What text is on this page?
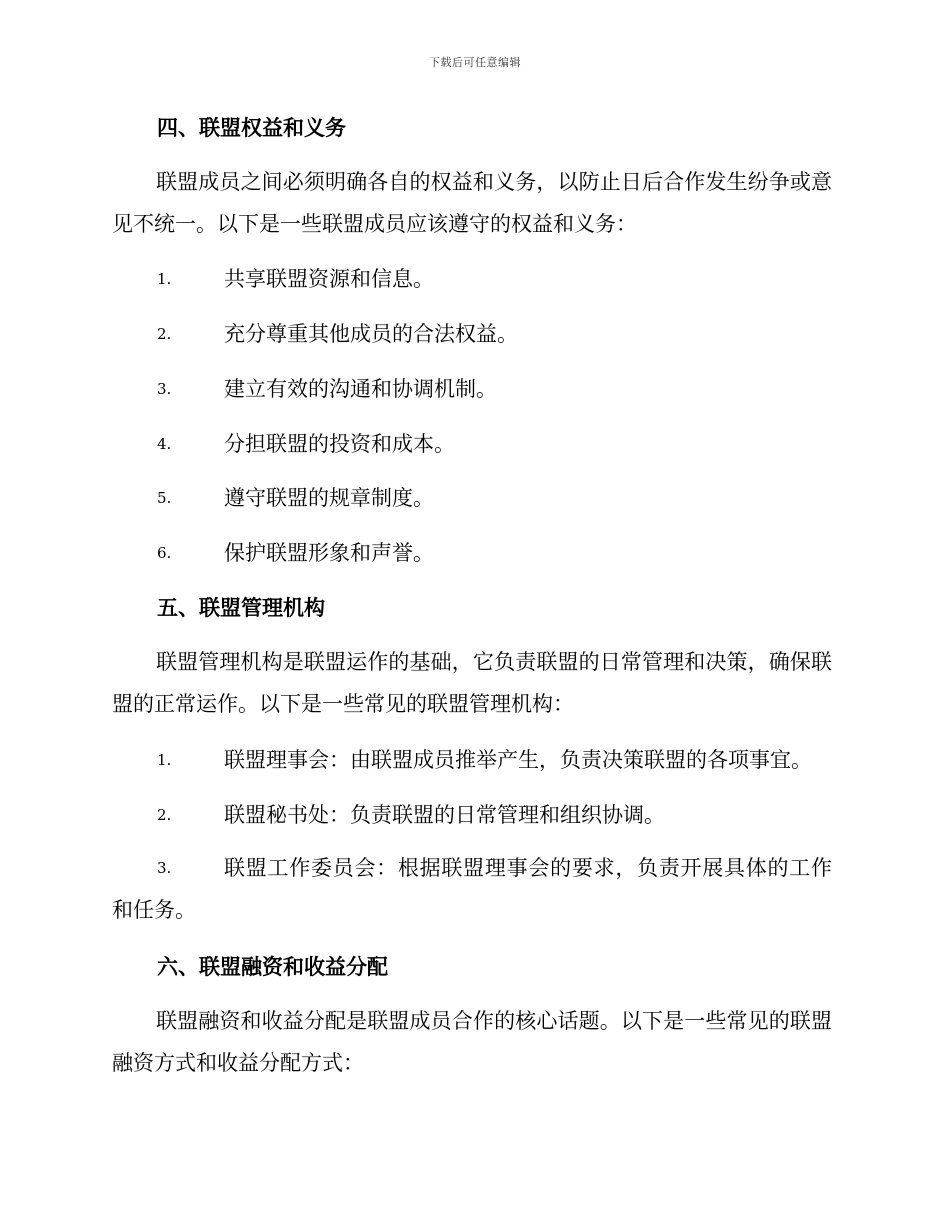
下载后可任意编辑
四、联盟权益和义务
联盟成员之间必须明确各自的权益和义务，以防止日后合作发生纷争或意见不统一。以下是一些联盟成员应该遵守的权益和义务：
1.	共享联盟资源和信息。
2.	充分尊重其他成员的合法权益。
3.	建立有效的沟通和协调机制。
4.	分担联盟的投资和成本。
5.	遵守联盟的规章制度。
6.	保护联盟形象和声誉。
五、联盟管理机构
联盟管理机构是联盟运作的基础，它负责联盟的日常管理和决策，确保联盟的正常运作。以下是一些常见的联盟管理机构：
1.	联盟理事会：由联盟成员推举产生，负责决策联盟的各项事宜。
2.	联盟秘书处：负责联盟的日常管理和组织协调。
3.	联盟工作委员会：根据联盟理事会的要求，负责开展具体的工作和任务。
六、联盟融资和收益分配
联盟融资和收益分配是联盟成员合作的核心话题。以下是一些常见的联盟融资方式和收益分配方式：
